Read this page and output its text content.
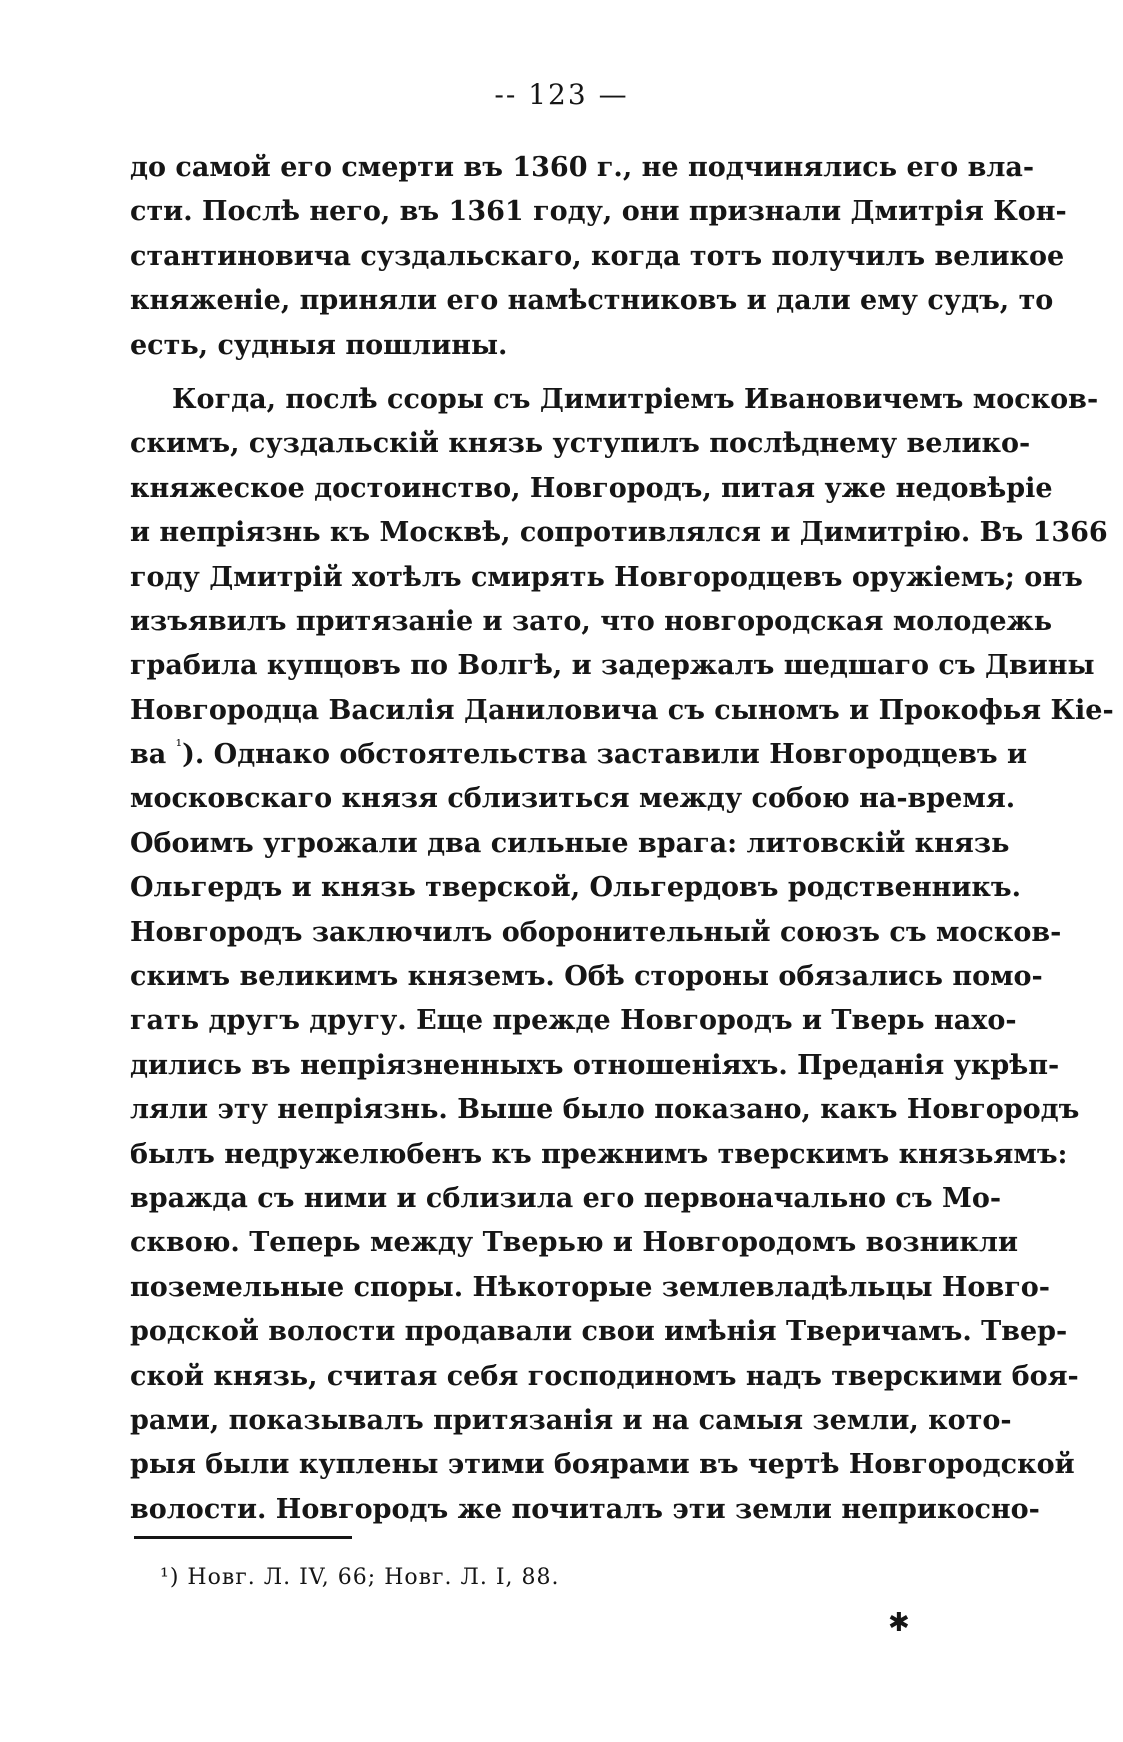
-- 123 —
до самой его смерти въ 1360 г., не подчинялись его вла-
сти. Послѣ него, въ 1361 году, они признали Дмитрія Кон-
стантиновича суздальскаго, когда тотъ получилъ великое
княженіе, приняли его намѣстниковъ и дали ему судъ, то
есть, судныя пошлины.
Когда, послѣ ссоры съ Димитріемъ Ивановичемъ москов-
скимъ, суздальскій князь уступилъ послѣднему велико-
княжеское достоинство, Новгородъ, питая уже недовѣріе
и непріязнь къ Москвѣ, сопротивлялся и Димитрію. Въ 1366
году Дмитрій хотѣлъ смирять Новгородцевъ оружіемъ; онъ
изъявилъ притязаніе и зато, что новгородская молодежь
грабила купцовъ по Волгѣ, и задержалъ шедшаго съ Двины
Новгородца Василія Даниловича съ сыномъ и Прокофья Кіе-
ва $^{^1}$). Однако обстоятельства заставили Новгородцевъ и
московскаго князя сблизиться между собою на-время.
Обоимъ угрожали два сильные врага: литовскій князь
Ольгердъ и князь тверской, Ольгердовъ родственникъ.
Новгородъ заключилъ оборонительный союзъ съ москов-
скимъ великимъ княземъ. Обѣ стороны обязались помо-
гать другъ другу. Еще прежде Новгородъ и Тверь нахо-
дились въ непріязненныхъ отношеніяхъ. Преданія укрѣп-
ляли эту непріязнь. Выше было показано, какъ Новгородъ
былъ недружелюбенъ къ прежнимъ тверскимъ князьямъ:
вражда съ ними и сблизила его первоначально съ Мо-
сквою. Теперь между Тверью и Новгородомъ возникли
поземельные споры. Нѣкоторые землевладѣльцы Новго-
родской волости продавали свои имѣнія Тверичамъ. Твер-
ской князь, считая себя господиномъ надъ тверскими боя-
рами, показывалъ притязанія и на самыя земли, кото-
рыя были куплены этими боярами въ чертѣ Новгородской
волости. Новгородъ же почиталъ эти земли неприкосно-
¹) Новг. Л. IV, 66; Новг. Л. I, 88.
✱
